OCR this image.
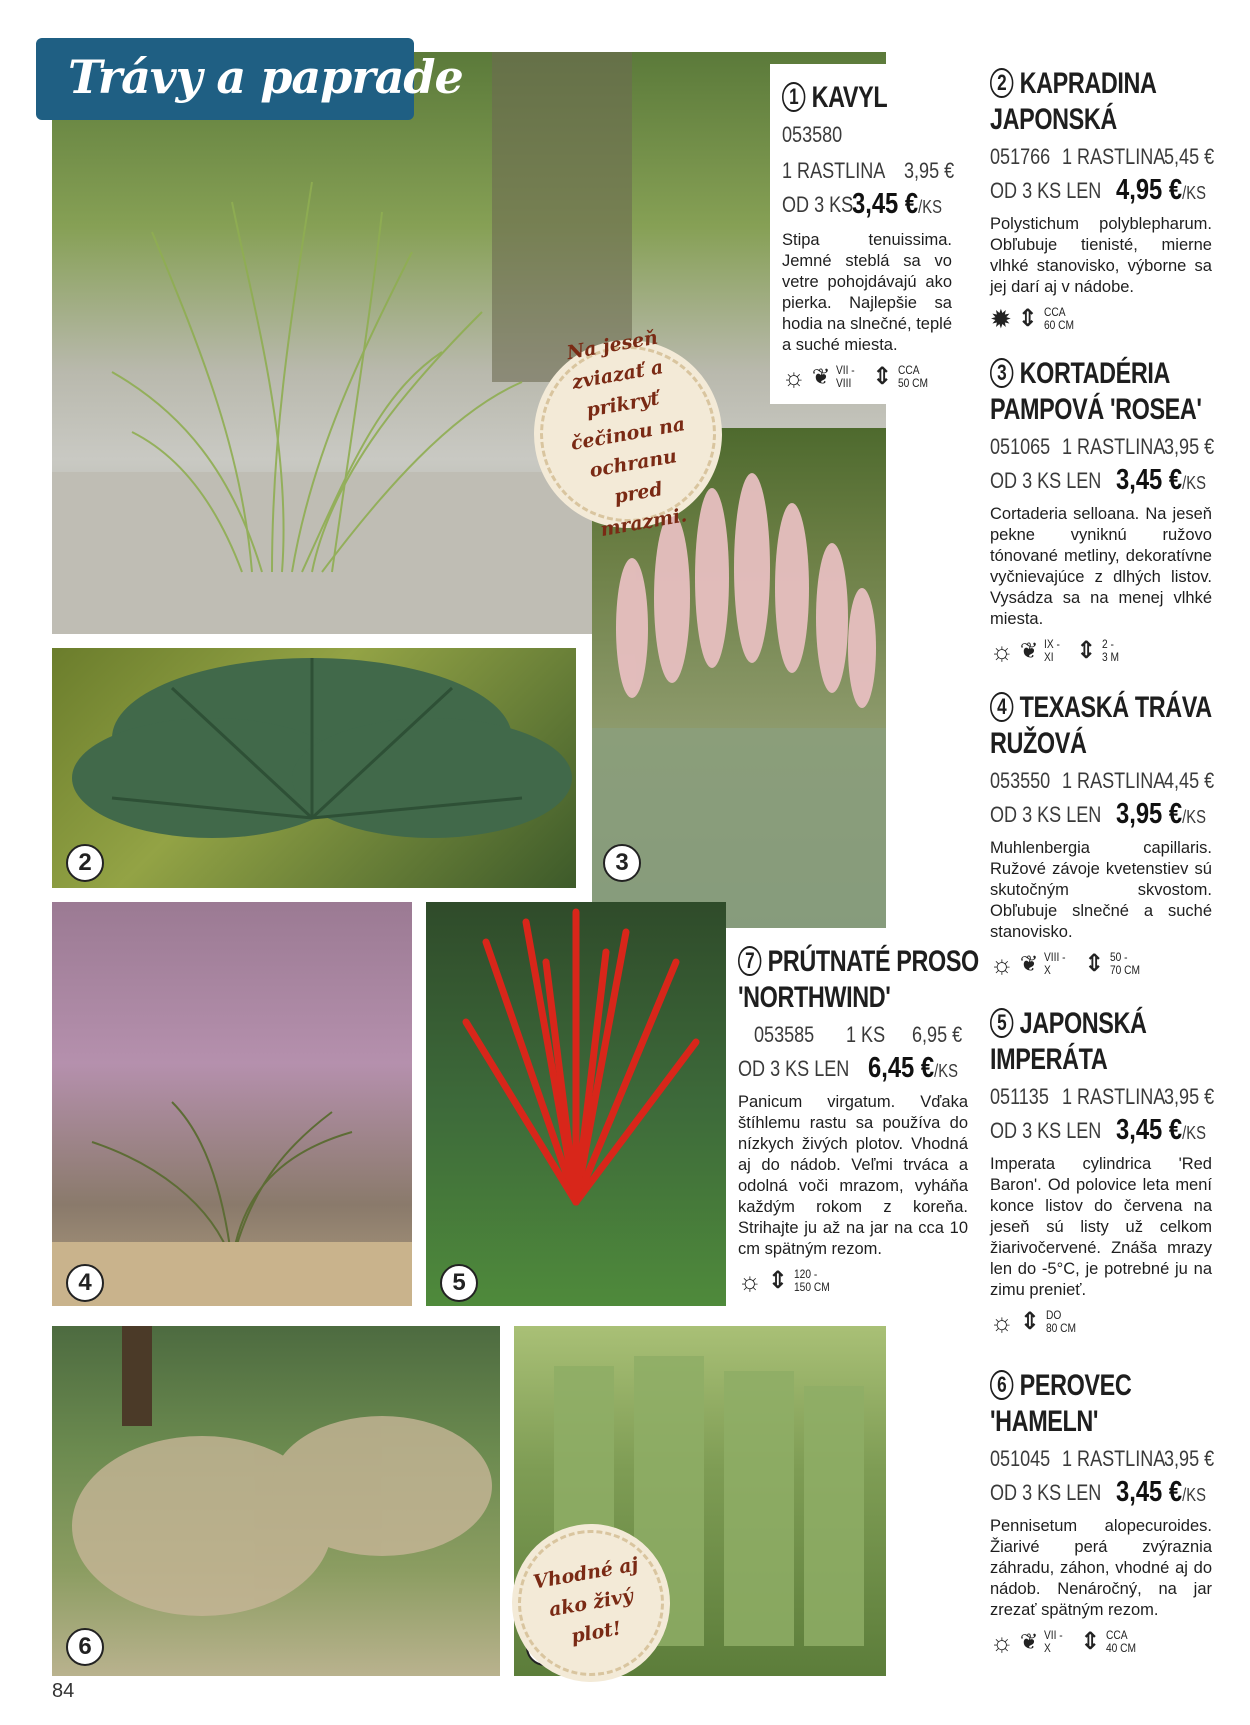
2	3
4	5
6
Trávy a paprade
Na jeseň zviazať a prikryť čečinou na ochranu pred mrazmi.
Vhodné aj ako živý plot!
1 KAVYL
053580
1 RASTLINA 3,95 €
OD 3 KS
3,45 €/KS
Stipa tenuissima. Jemné steblá sa vo vetre pohojdávajú ako pierka. Najlepšie sa hodia na slnečné, teplé a suché miesta.
☼ ❦ VII - VIII ⇕ CCA
50 CM
2 KAPRADINA
JAPONSKÁ
051766 1 RASTLINA
5,45 €
OD 3 KS LEN 4,95 €/KS
Polystichum polyblepharum. Obľubuje tienisté, mierne vlhké stanovisko, výborne sa jej darí aj v nádobe.
✹ ⇕ CCA
60 CM
3 KORTADÉRIA
PAMPOVÁ 'ROSEA'
051065 1 RASTLINA
3,95 €
OD 3 KS LEN 3,45 €/KS
Cortaderia selloana. Na jeseň pekne vyniknú ružovo tónované metliny, dekoratívne vyčnievajúce z dlhých listov. Vysádza sa na menej vlhké miesta.
☼ ❦ IX - XI ⇕ 2 -
3 M
4 TEXASKÁ TRÁVA
RUŽOVÁ
053550 1 RASTLINA
4,45 €
OD 3 KS LEN 3,95 €/KS
Muhlenbergia capillaris. Ružové závoje kvetenstiev sú skutočným skvostom. Obľubuje slnečné a suché stanovisko.
☼ ❦ VIII - X	⇕ 50 -
70 CM
5 JAPONSKÁ
IMPERÁTA
051135 1 RASTLINA
3,95 €
OD 3 KS LEN 3,45 €/KS
Imperata cylindrica 'Red Baron'. Od polovice leta mení konce listov do červena na jeseň sú listy už celkom žiarivočervené. Znáša mrazy len do -5°C, je potrebné ju na zimu prenieť.
☼ ⇕ DO
80 CM
6 PEROVEC
'HAMELN'
051045 1 RASTLINA
3,95 €
OD 3 KS LEN 3,45 €/KS
Pennisetum alopecuroides. Žiarivé perá zvýraznia záhradu, záhon, vhodné aj do nádob. Nenáročný, na jar zrezať spätným rezom.
☼ ❦ VII - X	⇕ CCA
40 CM
7 PRÚTNATÉ PROSO
'NORTHWIND'
053585 1 KS 6,95 €
OD 3 KS LEN 6,45 €/KS
Panicum virgatum. Vďaka štíhlemu rastu sa používa do nízkych živých plotov. Vhodná aj do nádob. Veľmi trváca a odolná voči mrazom, vyháňa každým rokom z koreňa. Strihajte ju až na jar na cca 10 cm spätným rezom.
☼ ⇕ 120 -
150 CM
84
